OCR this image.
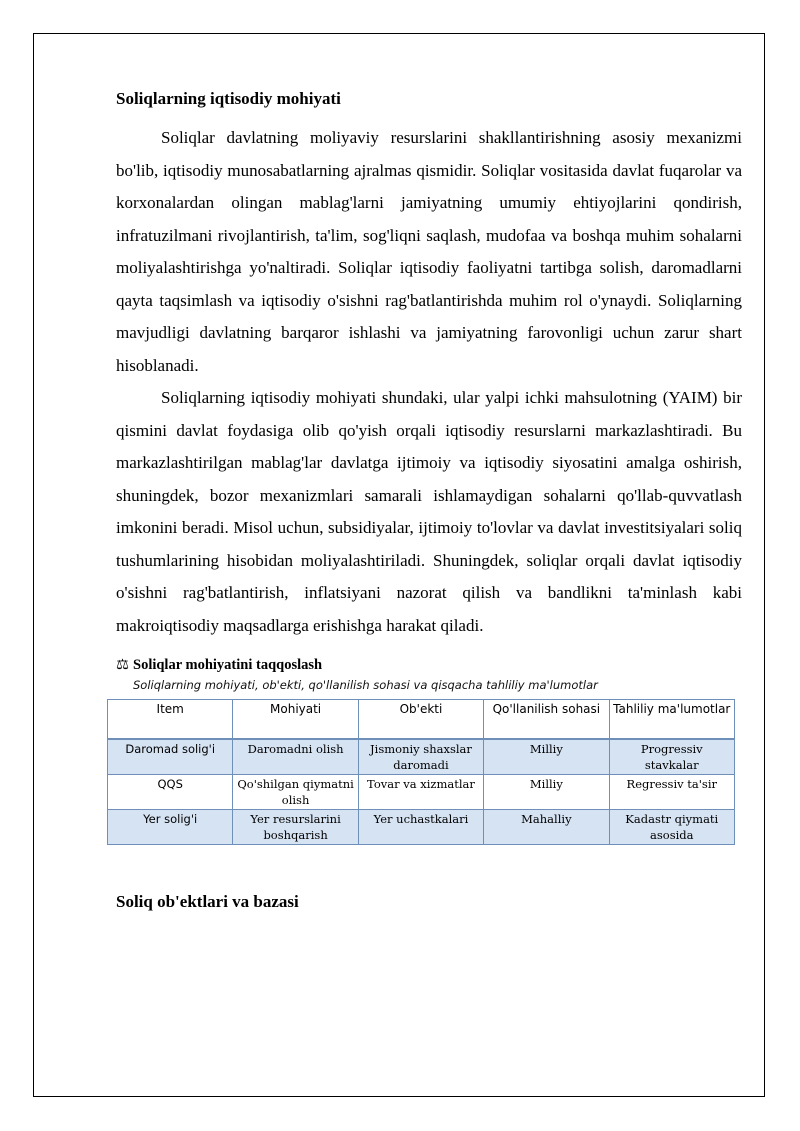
Soliqlarning iqtisodiy mohiyati

Soliqlar davlatning moliyaviy resurslarini shakllantirishning asosiy mexanizmi bo'lib, iqtisodiy munosabatlarning ajralmas qismidir. Soliqlar vositasida davlat fuqarolar va korxonalardan olingan mablag'larni jamiyatning umumiy ehtiyojlarini qondirish, infratuzilmani rivojlantirish, ta'lim, sog'liqni saqlash, mudofaa va boshqa muhim sohalarni moliyalashtirishga yo'naltiradi. Soliqlar iqtisodiy faoliyatni tartibga solish, daromadlarni qayta taqsimlash va iqtisodiy o'sishni rag'batlantirishda muhim rol o'ynaydi. Soliqlarning mavjudligi davlatning barqaror ishlashi va jamiyatning farovonligi uchun zarur shart hisoblanadi.

Soliqlarning iqtisodiy mohiyati shundaki, ular yalpi ichki mahsulotning (YAIM) bir qismini davlat foydasiga olib qo'yish orqali iqtisodiy resurslarni markazlashtiradi. Bu markazlashtirilgan mablag'lar davlatga ijtimoiy va iqtisodiy siyosatini amalga oshirish, shuningdek, bozor mexanizmlari samarali ishlamaydigan sohalarni qo'llab-quvvatlash imkonini beradi. Misol uchun, subsidiyalar, ijtimoiy to'lovlar va davlat investitsiyalari soliq tushumlarining hisobidan moliyalashtiriladi. Shuningdek, soliqlar orqali davlat iqtisodiy o'sishni rag'batlantirish, inflatsiyani nazorat qilish va bandlikni ta'minlash kabi makroiqtisodiy maqsadlarga erishishga harakat qiladi.

⚖ Soliqlar mohiyatini taqqoslash
Soliqlarning mohiyati, ob'ekti, qo'llanilish sohasi va qisqacha tahliliy ma'lumotlar
Item	Mohiyati	Ob'ekti	Qo'llanilish sohasi	Tahliliy ma'lumotlar
Daromad solig'i	Daromadni olish	Jismoniy shaxslar daromadi	Milliy	Progressiv stavkalar
QQS	Qo'shilgan qiymatni olish	Tovar va xizmatlar	Milliy	Regressiv ta'sir
Yer solig'i	Yer resurslarini boshqarish	Yer uchastkalari	Mahalliy	Kadastr qiymati asosida
Soliq ob'ektlari va bazasi
